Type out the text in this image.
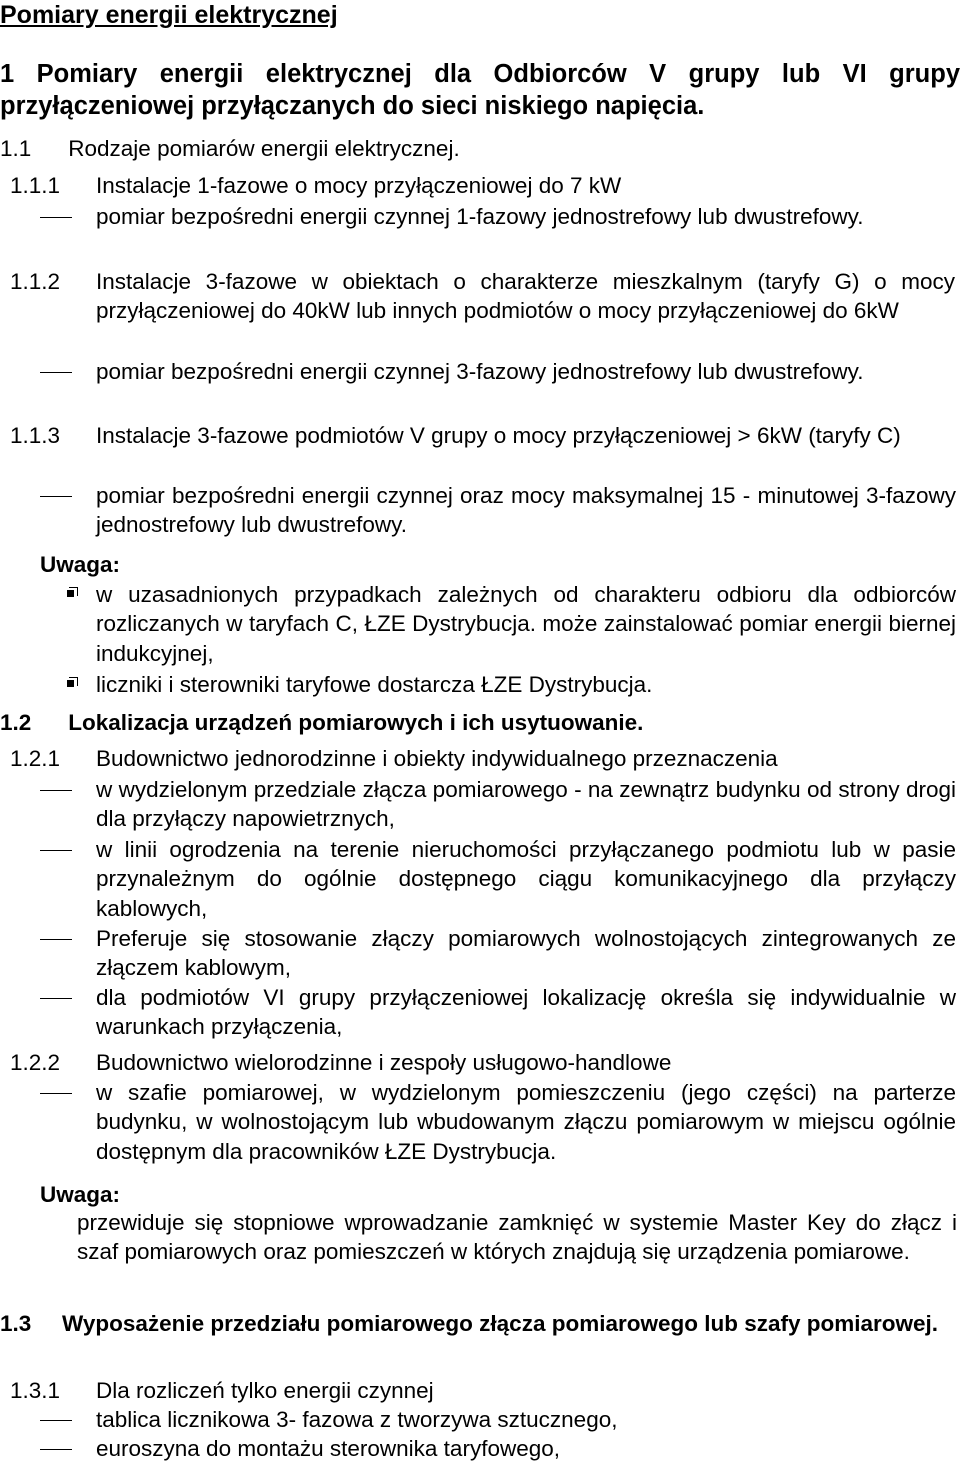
Pomiary energii elektrycznej
1 Pomiary energii elektrycznej dla Odbiorców V grupy lub VI grupy przyłączeniowej przyłączanych do sieci niskiego napięcia.
1.1 Rodzaje pomiarów energii elektrycznej.
1.1.1 Instalacje 1-fazowe o mocy przyłączeniowej do 7 kW
pomiar bezpośredni energii czynnej 1-fazowy jednostrefowy lub dwustrefowy.
1.1.2 Instalacje 3-fazowe w obiektach o charakterze mieszkalnym (taryfy G) o mocy przyłączeniowej do 40kW lub innych podmiotów o mocy przyłączeniowej do 6kW
pomiar bezpośredni energii czynnej 3-fazowy jednostrefowy lub dwustrefowy.
1.1.3 Instalacje 3-fazowe podmiotów V grupy o mocy przyłączeniowej > 6kW (taryfy C)
pomiar bezpośredni energii czynnej oraz mocy maksymalnej 15 - minutowej 3-fazowy jednostrefowy lub dwustrefowy.
Uwaga:
w uzasadnionych przypadkach zależnych od charakteru odbioru dla odbiorców rozliczanych w taryfach C, ŁZE Dystrybucja. może zainstalować pomiar energii biernej indukcyjnej,
liczniki i sterowniki taryfowe dostarcza ŁZE Dystrybucja.
1.2 Lokalizacja urządzeń pomiarowych i ich usytuowanie.
1.2.1 Budownictwo jednorodzinne i obiekty indywidualnego przeznaczenia
w wydzielonym przedziale złącza pomiarowego - na zewnątrz budynku od strony drogi dla przyłączy napowietrznych,
w linii ogrodzenia na terenie nieruchomości przyłączanego podmiotu lub w pasie przynależnym do ogólnie dostępnego ciągu komunikacyjnego dla przyłączy kablowych,
Preferuje się stosowanie złączy pomiarowych wolnostojących zintegrowanych ze złączem kablowym,
dla podmiotów VI grupy przyłączeniowej lokalizację określa się indywidualnie w warunkach przyłączenia,
1.2.2 Budownictwo wielorodzinne i zespoły usługowo-handlowe
w szafie pomiarowej, w wydzielonym pomieszczeniu (jego części) na parterze budynku, w wolnostojącym lub wbudowanym złączu pomiarowym w miejscu ogólnie dostępnym dla pracowników ŁZE Dystrybucja.
Uwaga:
przewiduje się stopniowe wprowadzanie zamknięć w systemie Master Key do złącz i szaf pomiarowych oraz pomieszczeń w których znajdują się urządzenia pomiarowe.
1.3 Wyposażenie przedziału pomiarowego złącza pomiarowego lub szafy pomiarowej.
1.3.1 Dla rozliczeń tylko energii czynnej
tablica licznikowa 3- fazowa z tworzywa sztucznego,
euroszyna do montażu sterownika taryfowego,
